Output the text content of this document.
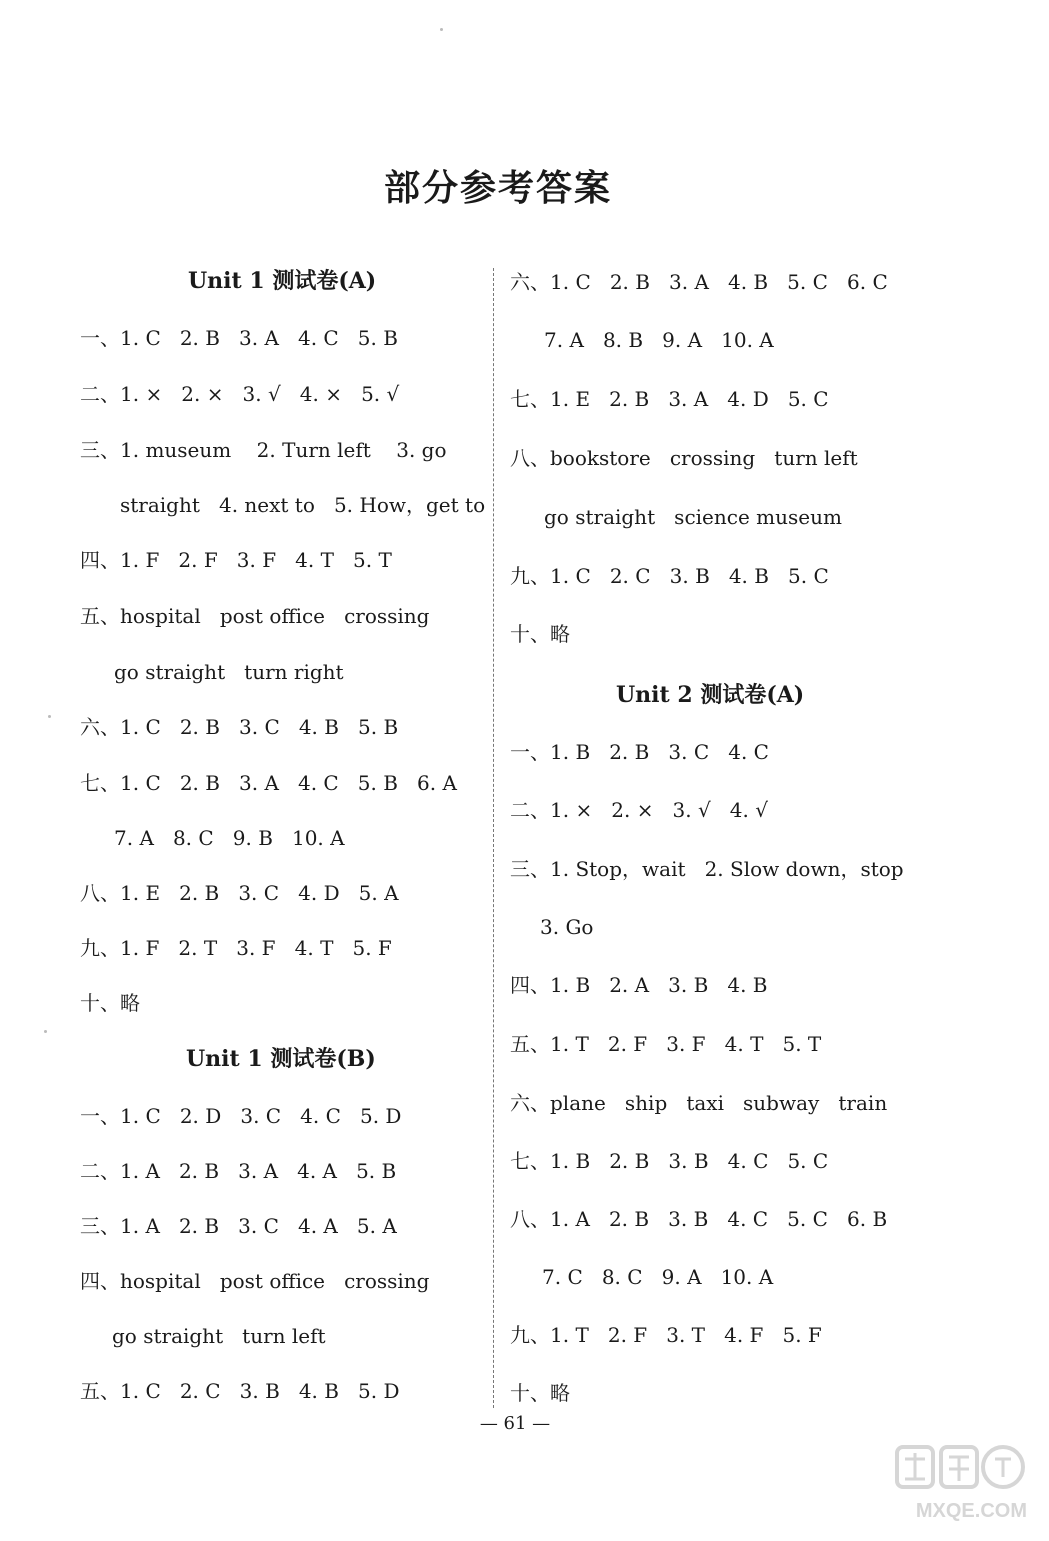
部分参考答案
Unit 1 测试卷(A)
一、1. C   2. B   3. A   4. C   5. B
二、1. ×   2. ×   3. √   4. ×   5. √
三、1. museum    2. Turn left    3. go
straight   4. next to   5. How，get to
四、1. F   2. F   3. F   4. T   5. T
五、hospital   post office   crossing
go straight   turn right
六、1. C   2. B   3. C   4. B   5. B
七、1. C   2. B   3. A   4. C   5. B   6. A
7. A   8. C   9. B   10. A
八、1. E   2. B   3. C   4. D   5. A
九、1. F   2. T   3. F   4. T   5. F
十、略
Unit 1 测试卷(B)
一、1. C   2. D   3. C   4. C   5. D
二、1. A   2. B   3. A   4. A   5. B
三、1. A   2. B   3. C   4. A   5. A
四、hospital   post office   crossing
go straight   turn left
五、1. C   2. C   3. B   4. B   5. D
六、1. C   2. B   3. A   4. B   5. C   6. C
7. A   8. B   9. A   10. A
七、1. E   2. B   3. A   4. D   5. C
八、bookstore   crossing   turn left
go straight   science museum
九、1. C   2. C   3. B   4. B   5. C
十、略
Unit 2 测试卷(A)
一、1. B   2. B   3. C   4. C
二、1. ×   2. ×   3. √   4. √
三、1. Stop，wait   2. Slow down，stop
3. Go
四、1. B   2. A   3. B   4. B
五、1. T   2. F   3. F   4. T   5. T
六、plane   ship   taxi   subway   train
七、1. B   2. B   3. B   4. C   5. C
八、1. A   2. B   3. B   4. C   5. C   6. B
7. C   8. C   9. A   10. A
九、1. T   2. F   3. T   4. F   5. F
十、略
— 61 —
MXQE.COM
